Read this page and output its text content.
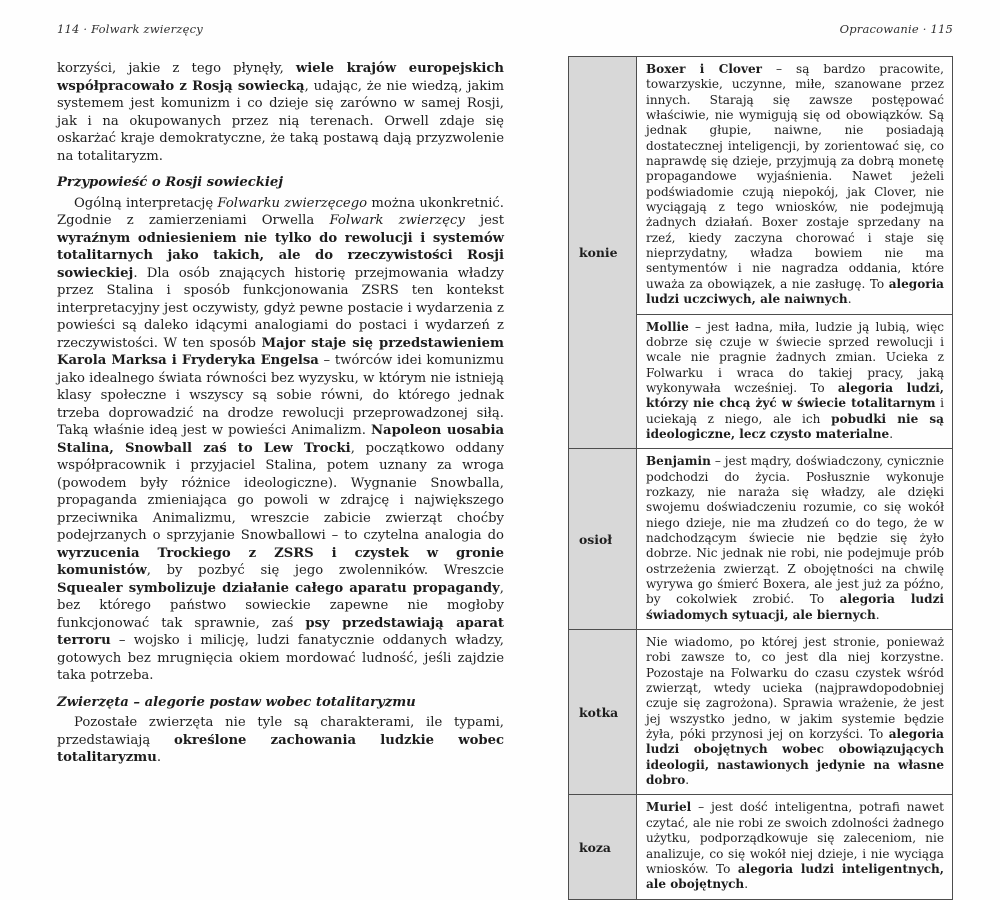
114 · Folwark zwierzęcy

korzyści, jakie z tego płynęły, wiele krajów europejskich współpracowało z Rosją sowiecką, udając, że nie wiedzą, jakim systemem jest komunizm i co dzieje się zarówno w samej Rosji, jak i na okupowanych przez nią terenach. Orwell zdaje się oskarżać kraje demokratyczne, że taką postawą dają przyzwolenie na totalitaryzm.

Przypowieść o Rosji sowieckiej

Ogólną interpretację Folwarku zwierzęcego można ukonkretnić. Zgodnie z zamierzeniami Orwella Folwark zwierzęcy jest wyraźnym odniesieniem nie tylko do rewolucji i systemów totalitarnych jako takich, ale do rzeczywistości Rosji sowieckiej. Dla osób znających historię przejmowania władzy przez Stalina i sposób funkcjonowania ZSRS ten kontekst interpretacyjny jest oczywisty, gdyż pewne postacie i wydarzenia z powieści są daleko idącymi analogiami do postaci i wydarzeń z rzeczywistości. W ten sposób Major staje się przedstawieniem Karola Marksa i Fryderyka Engelsa – twórców idei komunizmu jako idealnego świata równości bez wyzysku, w którym nie istnieją klasy społeczne i wszyscy są sobie równi, do którego jednak trzeba doprowadzić na drodze rewolucji przeprowadzonej siłą. Taką właśnie ideą jest w powieści Animalizm. Napoleon uosabia Stalina, Snowball zaś to Lew Trocki, początkowo oddany współpracownik i przyjaciel Stalina, potem uznany za wroga (powodem były różnice ideologiczne). Wygnanie Snowballa, propaganda zmieniająca go powoli w zdrajcę i największego przeciwnika Animalizmu, wreszcie zabicie zwierząt choćby podejrzanych o sprzyjanie Snowballowi – to czytelna analogia do wyrzucenia Trockiego z ZSRS i czystek w gronie komunistów, by pozbyć się jego zwolenników. Wreszcie Squealer symbolizuje działanie całego aparatu propagandy, bez którego państwo sowieckie zapewne nie mogłoby funkcjonować tak sprawnie, zaś psy przedstawiają aparat terroru – wojsko i milicję, ludzi fanatycznie oddanych władzy, gotowych bez mrugnięcia okiem mordować ludność, jeśli zajdzie taka potrzeba.

Zwierzęta – alegorie postaw wobec totalitaryzmu

Pozostałe zwierzęta nie tyle są charakterami, ile typami, przedstawiają określone zachowania ludzkie wobec totalitaryzmu.

Opracowanie · 115
konie	Boxer i Clover – są bardzo pracowite, towarzyskie, uczynne, miłe, szanowane przez innych. Starają się zawsze postępować właściwie, nie wymigują się od obowiązków. Są jednak głupie, naiwne, nie posiadają dostatecznej inteligencji, by zorientować się, co naprawdę się dzieje, przyjmują za dobrą monetę propagandowe wyjaśnienia. Nawet jeżeli podświadomie czują niepokój, jak Clover, nie wyciągają z tego wniosków, nie podejmują żadnych działań. Boxer zostaje sprzedany na rzeź, kiedy zaczyna chorować i staje się nieprzydatny, władza bowiem nie ma sentymentów i nie nagradza oddania, które uważa za obowiązek, a nie zasługę. To alegoria ludzi uczciwych, ale naiwnych.
	Mollie – jest ładna, miła, ludzie ją lubią, więc dobrze się czuje w świecie sprzed rewolucji i wcale nie pragnie żadnych zmian. Ucieka z Folwarku i wraca do takiej pracy, jaką wykonywała wcześniej. To alegoria ludzi, którzy nie chcą żyć w świecie totalitarnym i uciekają z niego, ale ich pobudki nie są ideologiczne, lecz czysto materialne.
osioł	Benjamin – jest mądry, doświadczony, cynicznie podchodzi do życia. Posłusznie wykonuje rozkazy, nie naraża się władzy, ale dzięki swojemu doświadczeniu rozumie, co się wokół niego dzieje, nie ma złudzeń co do tego, że w nadchodzącym świecie nie będzie się żyło dobrze. Nic jednak nie robi, nie podejmuje prób ostrzeżenia zwierząt. Z obojętności na chwilę wyrywa go śmierć Boxera, ale jest już za późno, by cokolwiek zrobić. To alegoria ludzi świadomych sytuacji, ale biernych.
kotka	Nie wiadomo, po której jest stronie, ponieważ robi zawsze to, co jest dla niej korzystne. Pozostaje na Folwarku do czasu czystek wśród zwierząt, wtedy ucieka (najprawdopodobniej czuje się zagrożona). Sprawia wrażenie, że jest jej wszystko jedno, w jakim systemie będzie żyła, póki przynosi jej on korzyści. To alegoria ludzi obojętnych wobec obowiązujących ideologii, nastawionych jedynie na własne dobro.
koza	Muriel – jest dość inteligentna, potrafi nawet czytać, ale nie robi ze swoich zdolności żadnego użytku, podporządkowuje się zaleceniom, nie analizuje, co się wokół niej dzieje, i nie wyciąga wniosków. To alegoria ludzi inteligentnych, ale obojętnych.
